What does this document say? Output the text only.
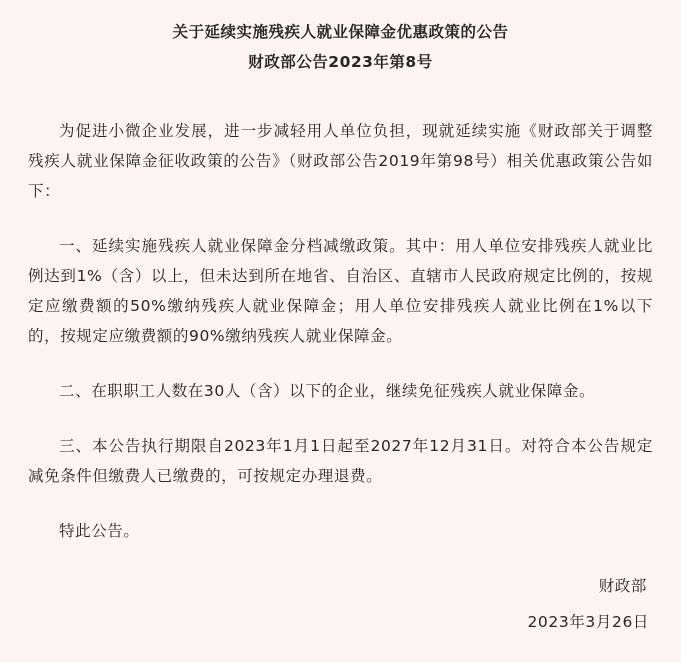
关于延续实施残疾人就业保障金优惠政策的公告
财政部公告2023年第8号

为促进小微企业发展，进一步减轻用人单位负担，现就延续实施《财政部关于调整残疾人就业保障金征收政策的公告》（财政部公告2019年第98号）相关优惠政策公告如下：

一、延续实施残疾人就业保障金分档减缴政策。其中：用人单位安排残疾人就业比例达到1%（含）以上，但未达到所在地省、自治区、直辖市人民政府规定比例的，按规定应缴费额的50%缴纳残疾人就业保障金；用人单位安排残疾人就业比例在1%以下的，按规定应缴费额的90%缴纳残疾人就业保障金。

二、在职职工人数在30人（含）以下的企业，继续免征残疾人就业保障金。

三、本公告执行期限自2023年1月1日起至2027年12月31日。对符合本公告规定减免条件但缴费人已缴费的，可按规定办理退费。

特此公告。

财政部

2023年3月26日
